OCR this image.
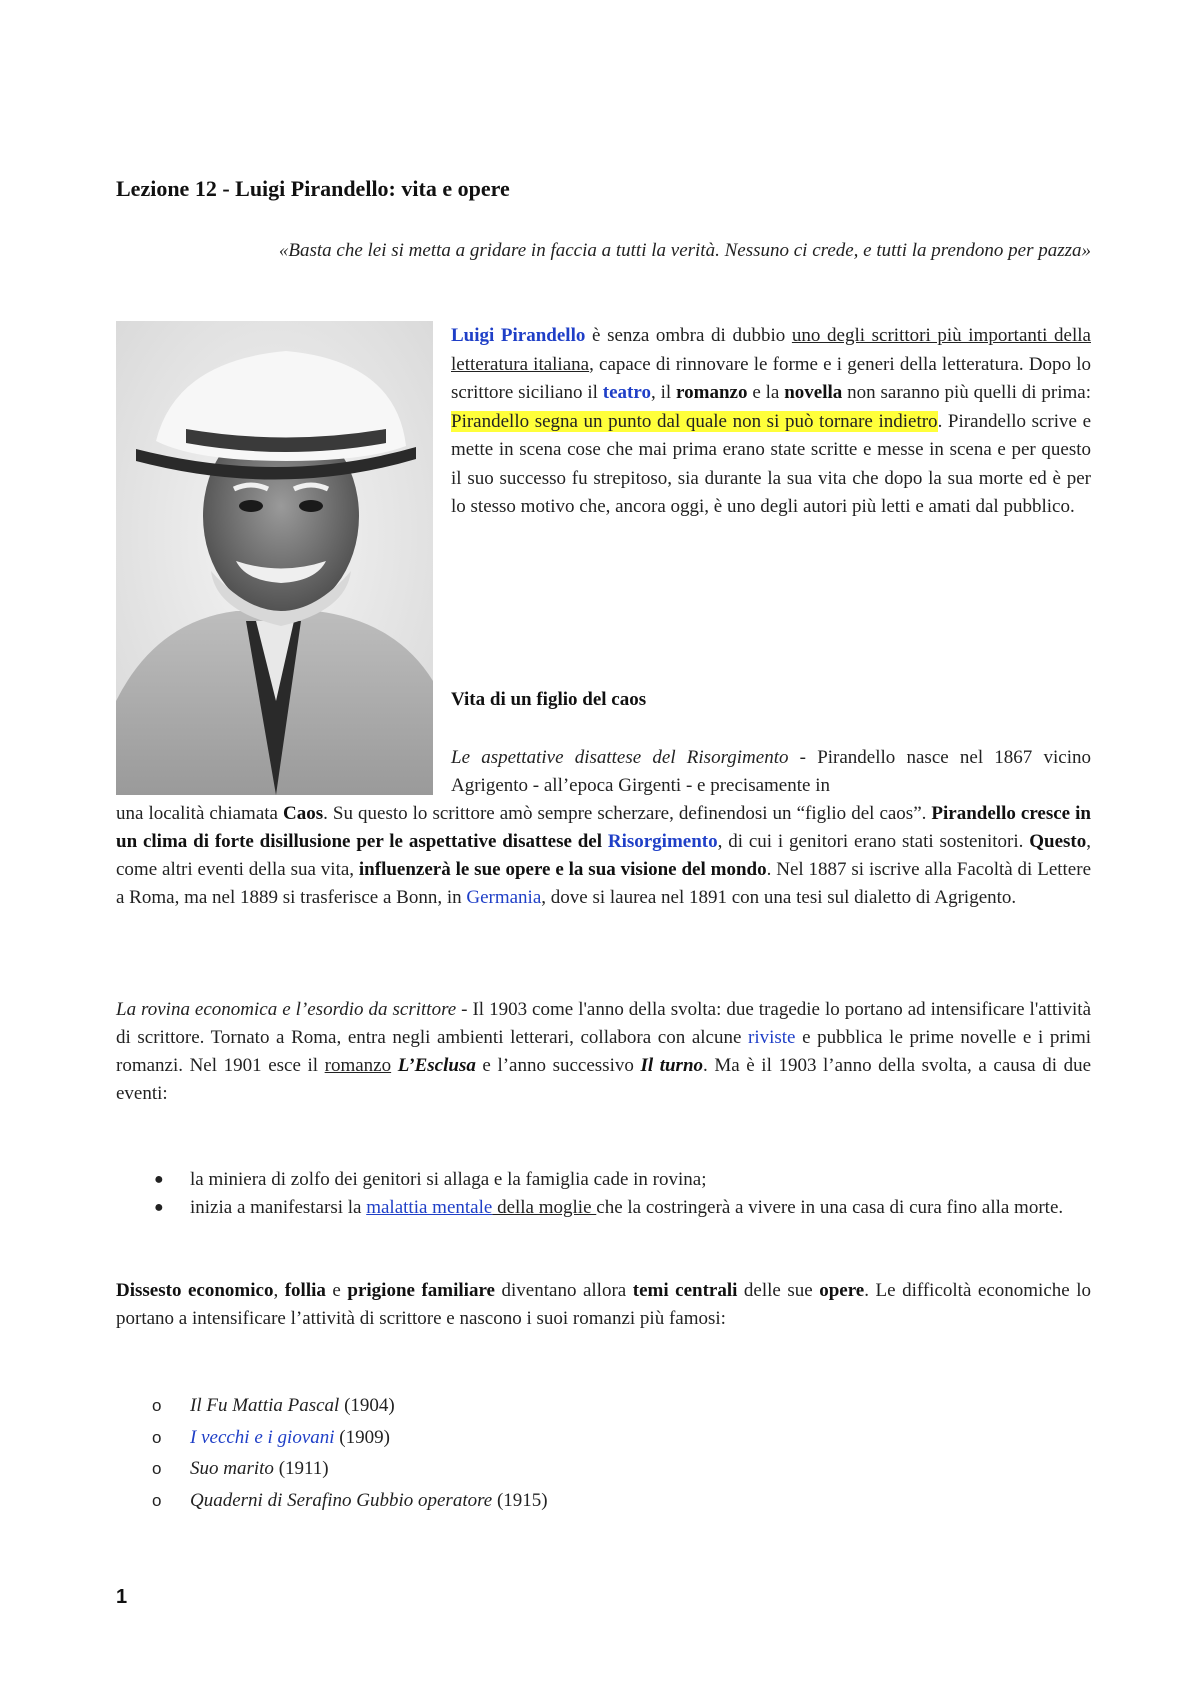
Lezione 12 - Luigi Pirandello: vita e opere
«Basta che lei si metta a gridare in faccia a tutti la verità. Nessuno ci crede, e tutti la prendono per pazza»
Luigi Pirandello è senza ombra di dubbio uno degli scrittori più importanti della letteratura italiana, capace di rinnovare le forme e i generi della letteratura. Dopo lo scrittore siciliano il teatro, il romanzo e la novella non saranno più quelli di prima: Pirandello segna un punto dal quale non si può tornare indietro. Pirandello scrive e mette in scena cose che mai prima erano state scritte e messe in scena e per questo il suo successo fu strepitoso, sia durante la sua vita che dopo la sua morte ed è per lo stesso motivo che, ancora oggi, è uno degli autori più letti e amati dal pubblico.
Vita di un figlio del caos
Le aspettative disattese del Risorgimento - Pirandello nasce nel 1867 vicino Agrigento - all’epoca Girgenti - e precisamente in
una località chiamata Caos. Su questo lo scrittore amò sempre scherzare, definendosi un “figlio del caos”. Pirandello cresce in un clima di forte disillusione per le aspettative disattese del Risorgimento, di cui i genitori erano stati sostenitori. Questo, come altri eventi della sua vita, influenzerà le sue opere e la sua visione del mondo. Nel 1887 si iscrive alla Facoltà di Lettere a Roma, ma nel 1889 si trasferisce a Bonn, in Germania, dove si laurea nel 1891 con una tesi sul dialetto di Agrigento.
La rovina economica e l’esordio da scrittore - Il 1903 come l'anno della svolta: due tragedie lo portano ad intensificare l'attività di scrittore. Tornato a Roma, entra negli ambienti letterari, collabora con alcune riviste e pubblica le prime novelle e i primi romanzi. Nel 1901 esce il romanzo L’Esclusa e l’anno successivo Il turno. Ma è il 1903 l’anno della svolta, a causa di due eventi:
● la miniera di zolfo dei genitori si allaga e la famiglia cade in rovina;
● inizia a manifestarsi la malattia mentale della moglie che la costringerà a vivere in una casa di cura fino alla morte.
Dissesto economico, follia e prigione familiare diventano allora temi centrali delle sue opere. Le difficoltà economiche lo portano a intensificare l’attività di scrittore e nascono i suoi romanzi più famosi:
o Il Fu Mattia Pascal (1904)
o I vecchi e i giovani (1909)
o Suo marito (1911)
o Quaderni di Serafino Gubbio operatore (1915)
1
